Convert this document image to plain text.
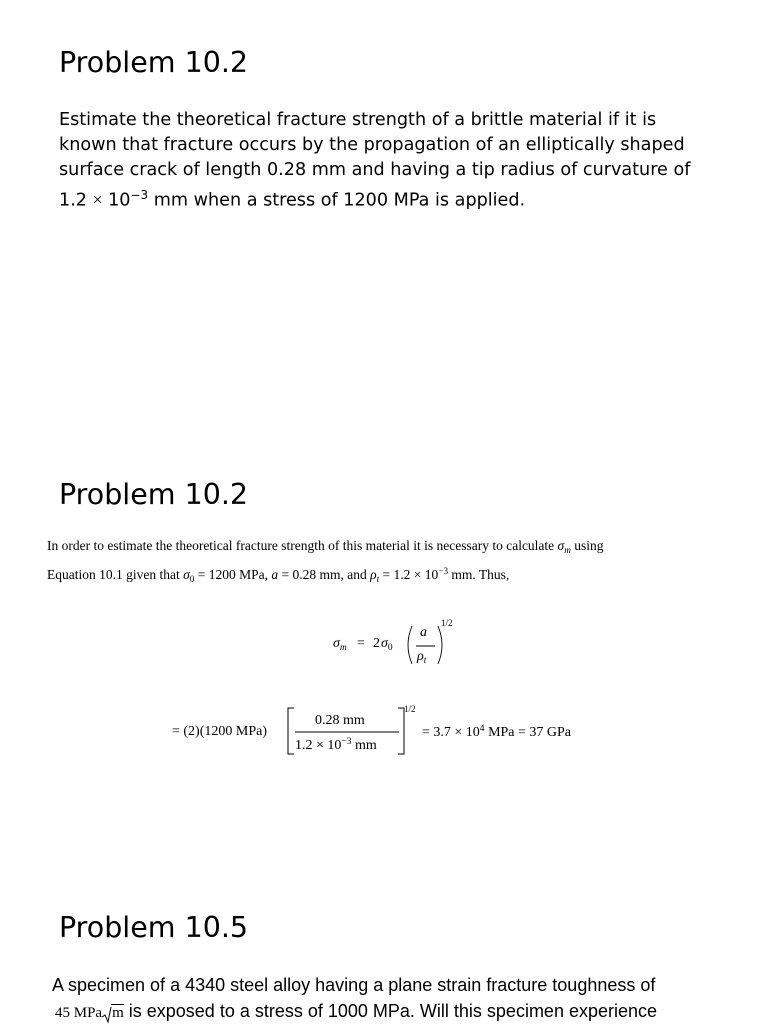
Problem 10.2
Estimate the theoretical fracture strength of a brittle material if it is
known that fracture occurs by the propagation of an elliptically shaped
surface crack of length 0.28 mm and having a tip radius of curvature of
$1.2 \times 10^{-3}$ mm when a stress of 1200 MPa is applied.
Problem 10.2
In order to estimate the theoretical fracture strength of this material it is necessary to calculate $\sigma_m$ using
Equation 10.1 given that $\sigma_0 = 1200$ MPa, a = 0.28 mm, and $\rho_t = 1.2 \times 10^{-3}$ mm. Thus,
$\sigma_m = 2$ $\sigma_0$
a
$\rho_t$
1/2
= (2)(1200 MPa)
0.28 mm
$1.2 \times 10^{-3}$ mm
1/2
= $3.7 \times 10^4$ MPa = 37 GPa
Problem 10.5
A specimen of a 4340 steel alloy having a plane strain fracture toughness of
45 MPa m
is exposed to a stress of 1000 MPa. Will this specimen experience
